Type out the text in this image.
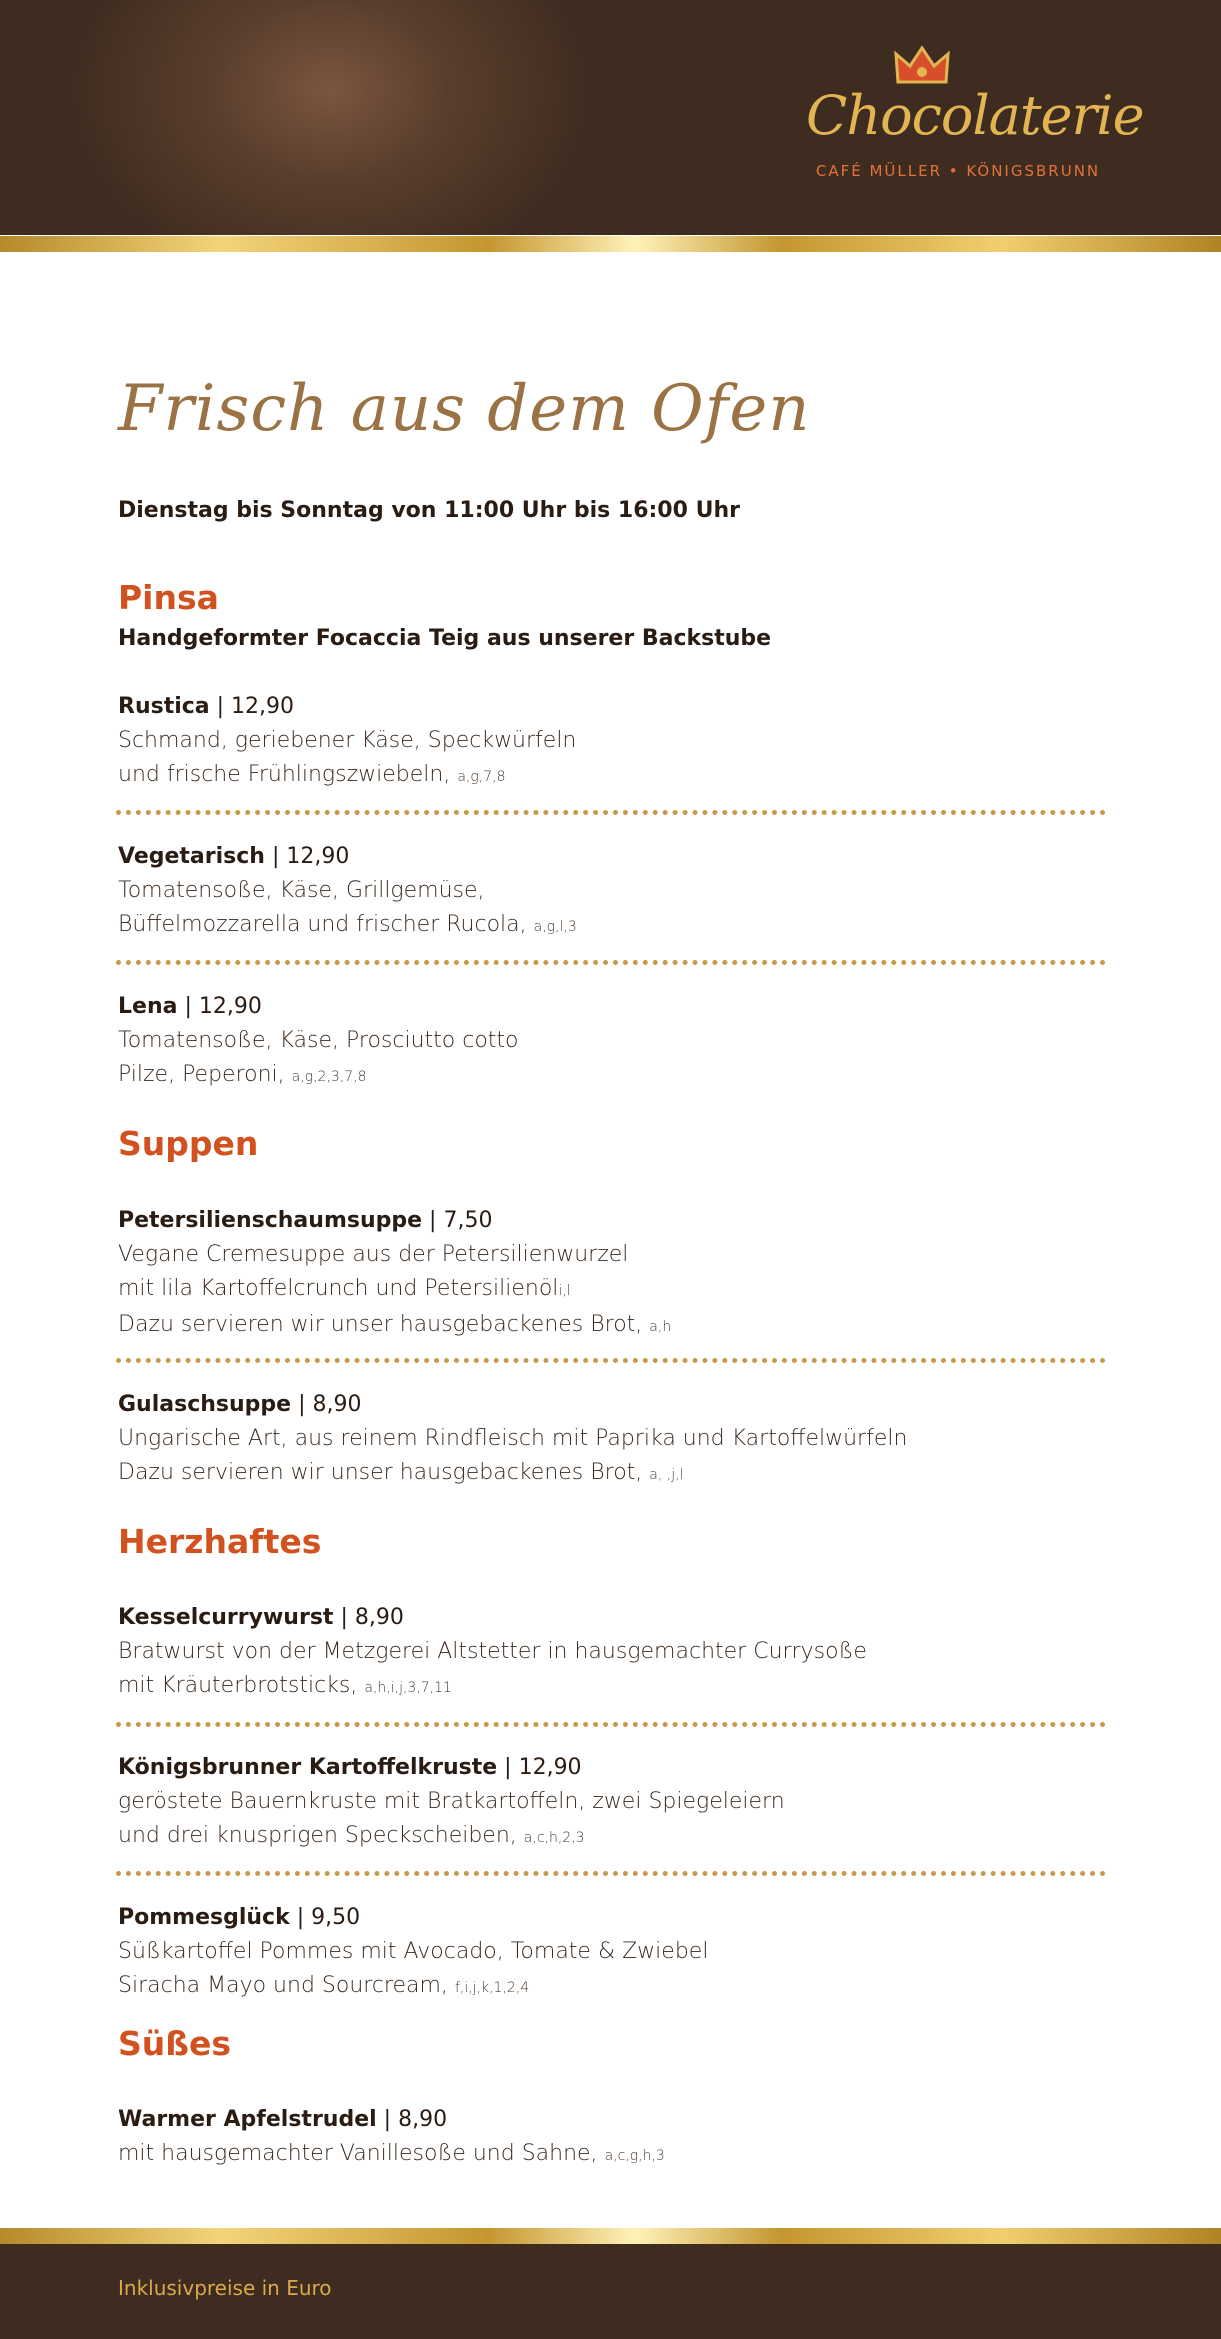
Chocolaterie
CAFÉ MÜLLER • KÖNIGSBRUNN
Frisch aus dem Ofen
Dienstag bis Sonntag von 11:00 Uhr bis 16:00 Uhr
Pinsa
Handgeformter Focaccia Teig aus unserer Backstube
Rustica | 12,90
Schmand, geriebener Käse, Speckwürfeln
und frische Frühlingszwiebeln, a,g,7,8
Vegetarisch | 12,90
Tomatensoße, Käse, Grillgemüse,
Büffelmozzarella und frischer Rucola, a,g,l,3
Lena | 12,90
Tomatensoße, Käse, Prosciutto cotto
Pilze, Peperoni, a,g,2,3,7,8
Suppen
Petersilienschaumsuppe | 7,50
Vegane Cremesuppe aus der Petersilienwurzel
mit lila Kartoffelcrunch und Petersilienöli,l
Dazu servieren wir unser hausgebackenes Brot, a,h
Gulaschsuppe | 8,90
Ungarische Art, aus reinem Rindfleisch mit Paprika und Kartoffelwürfeln
Dazu servieren wir unser hausgebackenes Brot, a, ,j,l
Herzhaftes
Kesselcurrywurst | 8,90
Bratwurst von der Metzgerei Altstetter in hausgemachter Currysoße
mit Kräuterbrotsticks, a,h,i,j,3,7,11
Königsbrunner Kartoffelkruste | 12,90
geröstete Bauernkruste mit Bratkartoffeln, zwei Spiegeleiern
und drei knusprigen Speckscheiben, a,c,h,2,3
Pommesglück | 9,50
Süßkartoffel Pommes mit Avocado, Tomate & Zwiebel
Siracha Mayo und Sourcream, f,i,j,k,1,2,4
Süßes
Warmer Apfelstrudel | 8,90
mit hausgemachter Vanillesoße und Sahne, a,c,g,h,3
Inklusivpreise in Euro
